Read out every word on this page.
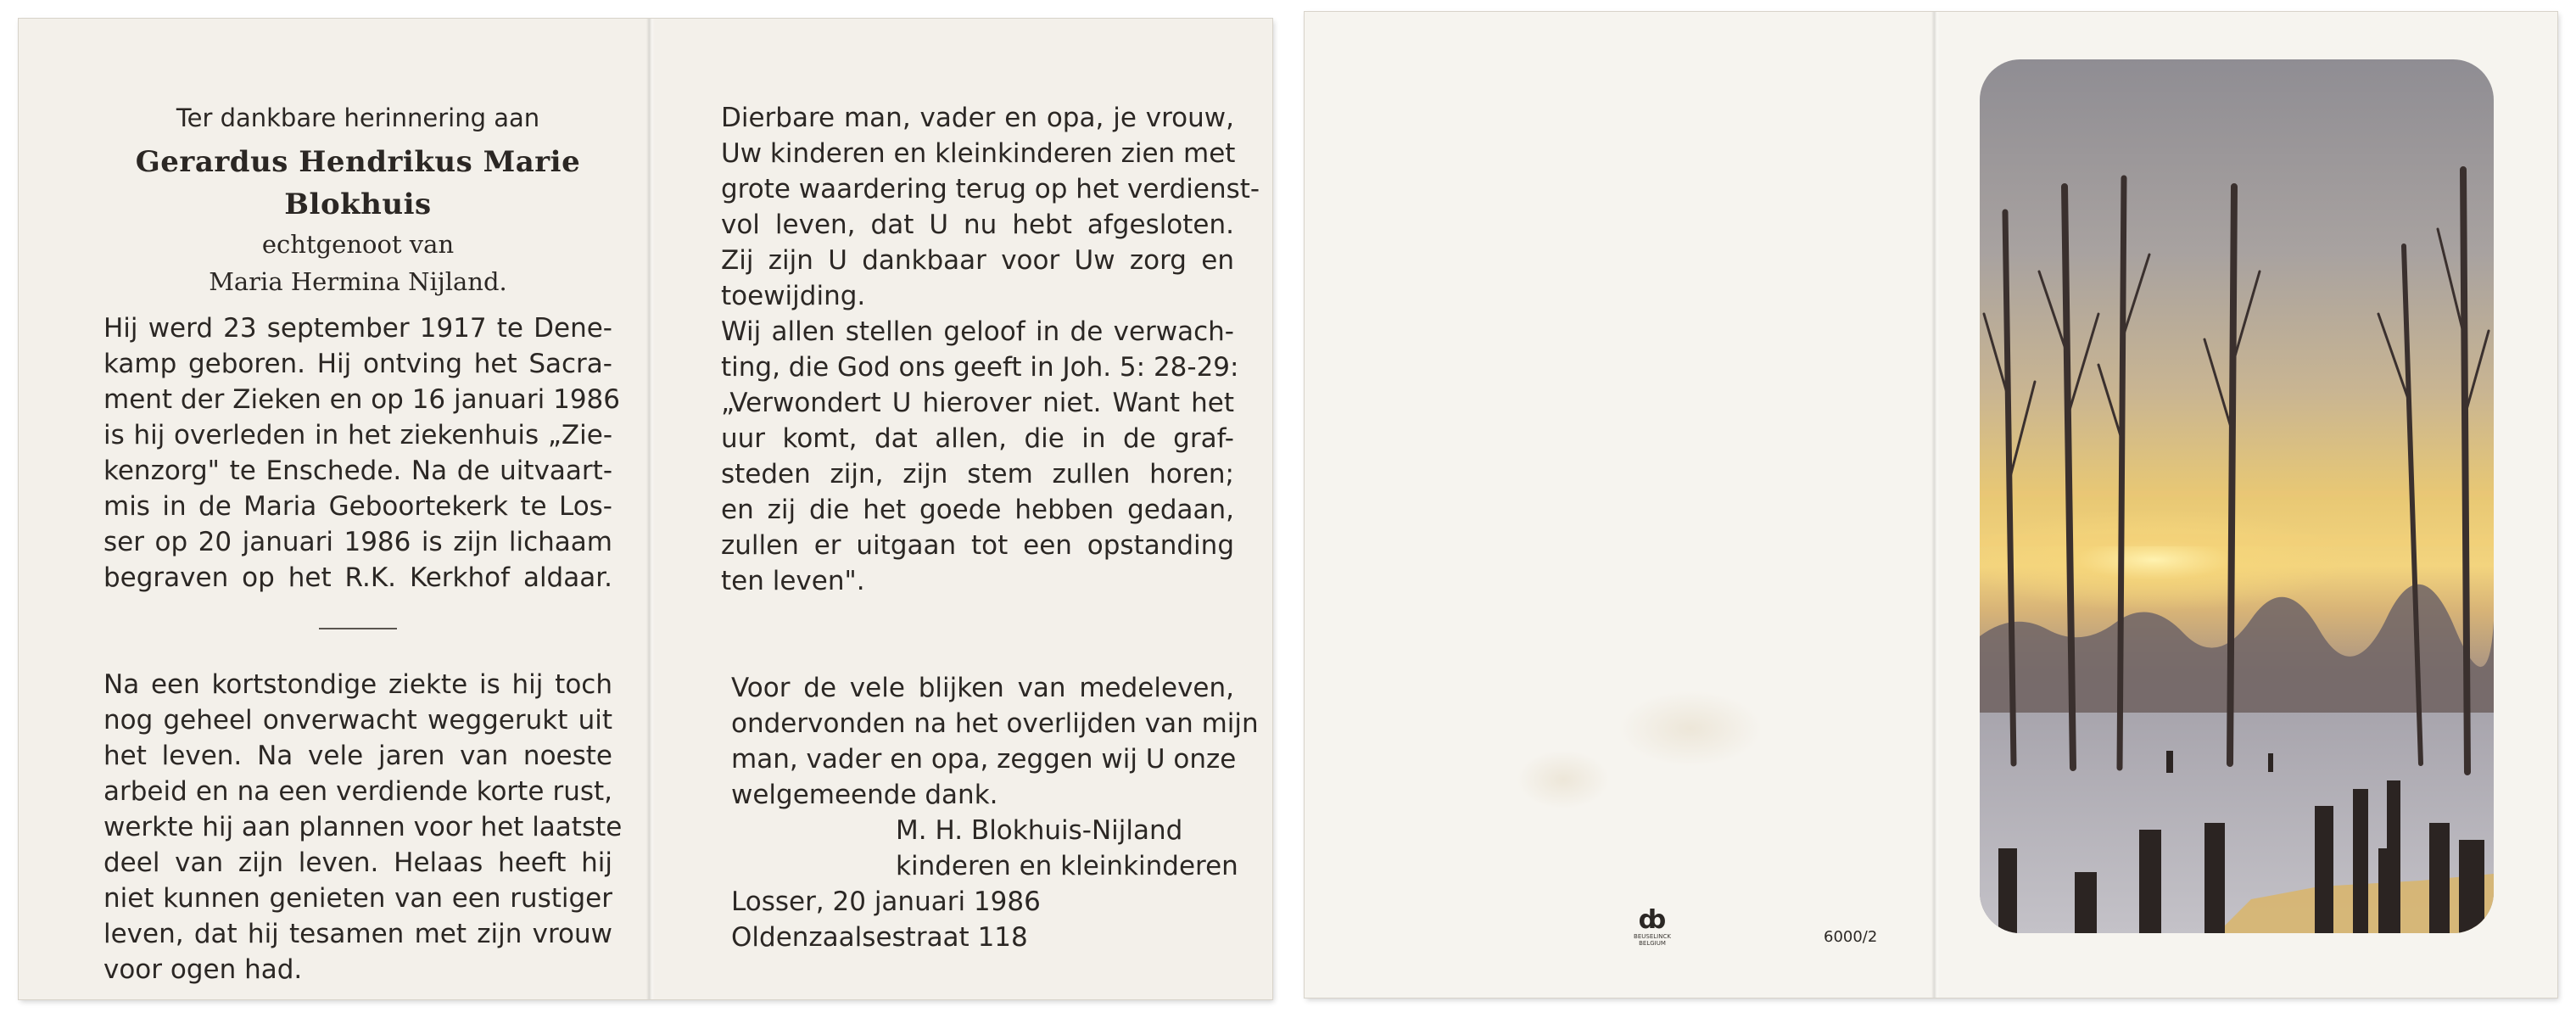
Ter dankbare herinnering aan
Gerardus Hendrikus Marie
Blokhuis
echtgenoot van
Maria Hermina Nijland.
Hij werd 23 september 1917 te Dene-
kamp geboren. Hij ontving het Sacra-
ment der Zieken en op 16 januari 1986
is hij overleden in het ziekenhuis „Zie-
kenzorg" te Enschede. Na de uitvaart-
mis in de Maria Geboortekerk te Los-
ser op 20 januari 1986 is zijn lichaam
begraven op het R.K. Kerkhof aldaar.
Na een kortstondige ziekte is hij toch
nog geheel onverwacht weggerukt uit
het leven. Na vele jaren van noeste
arbeid en na een verdiende korte rust,
werkte hij aan plannen voor het laatste
deel van zijn leven. Helaas heeft hij
niet kunnen genieten van een rustiger
leven, dat hij tesamen met zijn vrouw
voor ogen had.
Dierbare man, vader en opa, je vrouw,
Uw kinderen en kleinkinderen zien met
grote waardering terug op het verdienst-
vol leven, dat U nu hebt afgesloten.
Zij zijn U dankbaar voor Uw zorg en
toewijding.
Wij allen stellen geloof in de verwach-
ting, die God ons geeft in Joh. 5: 28-29:
„Verwondert U hierover niet. Want het
uur komt, dat allen, die in de graf-
steden zijn, zijn stem zullen horen;
en zij die het goede hebben gedaan,
zullen er uitgaan tot een opstanding
ten leven".
Voor de vele blijken van medeleven,
ondervonden na het overlijden van mijn
man, vader en opa, zeggen wij U onze
welgemeende dank.
M. H. Blokhuis-Nijland
kinderen en kleinkinderen
Losser, 20 januari 1986
Oldenzaalsestraat 118
ȸ
BEUSELINCK
BELGIUM	6000/2
